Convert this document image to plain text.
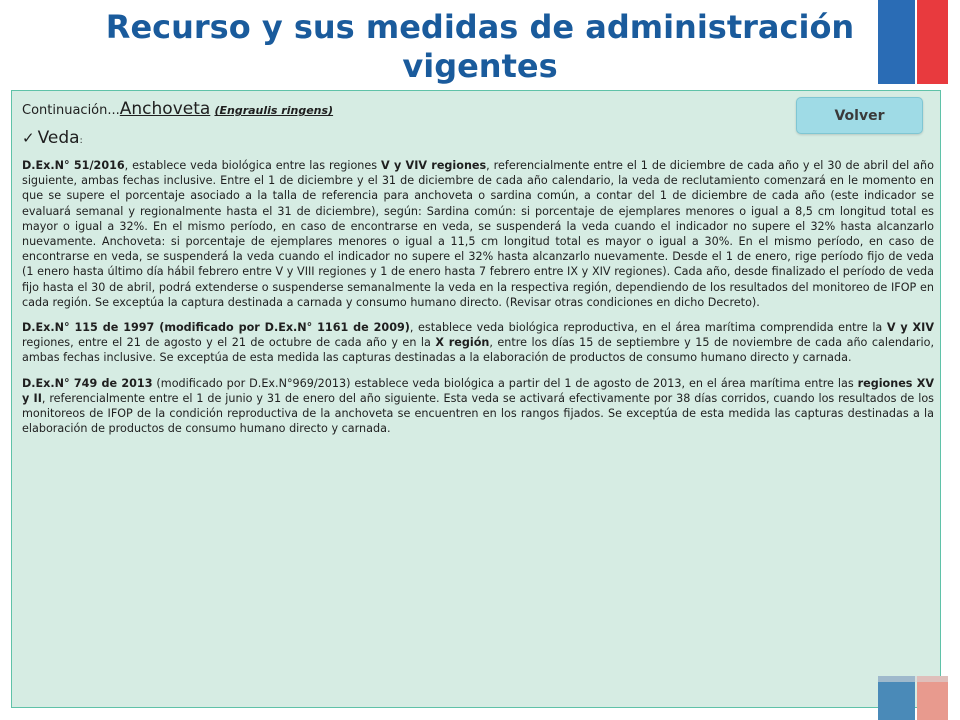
Recurso y sus medidas de administración vigentes
Volver

Continuación...Anchoveta (Engraulis ringens)

✓ Veda :

D.Ex.N° 51/2016, establece veda biológica entre las regiones V y VIV regiones, referencialmente entre el 1 de diciembre de cada año y el 30 de abril del año siguiente, ambas fechas inclusive. Entre el 1 de diciembre y el 31 de diciembre de cada año calendario, la veda de reclutamiento comenzará en le momento en que se supere el porcentaje asociado a la talla de referencia para anchoveta o sardina común, a contar del 1 de diciembre de cada año (este indicador se evaluará semanal y regionalmente hasta el 31 de diciembre), según: Sardina común: si porcentaje de ejemplares menores o igual a 8,5 cm longitud total es mayor o igual a 32%. En el mismo período, en caso de encontrarse en veda, se suspenderá la veda cuando el indicador no supere el 32% hasta alcanzarlo nuevamente. Anchoveta: si porcentaje de ejemplares menores o igual a 11,5 cm longitud total es mayor o igual a 30%. En el mismo período, en caso de encontrarse en veda, se suspenderá la veda cuando el indicador no supere el 32% hasta alcanzarlo nuevamente. Desde el 1 de enero, rige período fijo de veda (1 enero hasta último día hábil febrero entre V y VIII regiones y 1 de enero hasta 7 febrero entre IX y XIV regiones). Cada año, desde finalizado el período de veda fijo hasta el 30 de abril, podrá extenderse o suspenderse semanalmente la veda en la respectiva región, dependiendo de los resultados del monitoreo de IFOP en cada región. Se exceptúa la captura destinada a carnada y consumo humano directo. (Revisar otras condiciones en dicho Decreto).

D.Ex.N° 115 de 1997 (modificado por D.Ex.N° 1161 de 2009), establece veda biológica reproductiva, en el área marítima comprendida entre la V y XIV regiones, entre el 21 de agosto y el 21 de octubre de cada año y en la X región, entre los días 15 de septiembre y 15 de noviembre de cada año calendario, ambas fechas inclusive. Se exceptúa de esta medida las capturas destinadas a la elaboración de productos de consumo humano directo y carnada.

D.Ex.N° 749 de 2013 (modificado por D.Ex.N°969/2013) establece veda biológica a partir del 1 de agosto de 2013, en el área marítima entre las regiones XV y II, referencialmente entre el 1 de junio y 31 de enero del año siguiente. Esta veda se activará efectivamente por 38 días corridos, cuando los resultados de los monitoreos de IFOP de la condición reproductiva de la anchoveta se encuentren en los rangos fijados. Se exceptúa de esta medida las capturas destinadas a la elaboración de productos de consumo humano directo y carnada.
